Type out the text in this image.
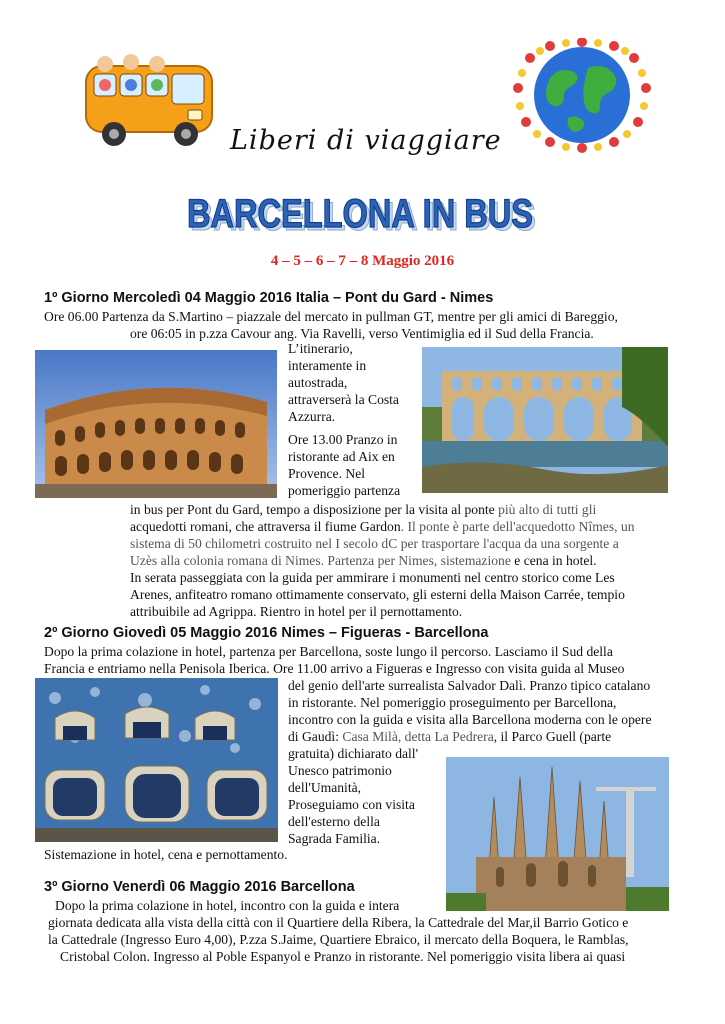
Liberi di viaggiare
BARCELLONA IN BUS
BARCELLONA IN BUS
4 – 5 – 6 – 7 – 8 Maggio 2016
1º Giorno Mercoledì 04 Maggio 2016 Italia – Pont du Gard - Nimes
Ore 06.00 Partenza da S.Martino – piazzale del mercato in pullman GT, mentre per gli amici di Bareggio,
ore 06:05 in p.zza Cavour ang. Via Ravelli, verso Ventimiglia ed il Sud della Francia.
L’itinerario,
interamente in
autostrada,
attraverserà la Costa
Azzurra.
Ore 13.00 Pranzo in
ristorante ad Aix en
Provence. Nel
pomeriggio partenza
in bus per Pont du Gard, tempo a disposizione per la visita al ponte più alto di tutti gli
acquedotti romani, che attraversa il fiume Gardon. Il ponte è parte dell'acquedotto Nîmes, un
sistema di 50 chilometri costruito nel I secolo dC per trasportare l'acqua da una sorgente a
Uzès alla colonia romana di Nimes. Partenza per Nimes, sistemazione e cena in hotel.
In serata passeggiata con la guida per ammirare i monumenti nel centro storico come Les
Arenes, anfiteatro romano ottimamente conservato, gli esterni della Maison Carrée, tempio
attribuibile ad Agrippa. Rientro in hotel per il pernottamento.
2º Giorno Giovedì 05 Maggio 2016 Nimes – Figueras - Barcellona
Dopo la prima colazione in hotel, partenza per Barcellona, soste lungo il percorso. Lasciamo il Sud della
Francia e entriamo nella Penisola Iberica. Ore 11.00 arrivo a Figueras e Ingresso con visita guida al Museo
del genio dell'arte surrealista Salvador Dalì. Pranzo tipico catalano
in ristorante. Nel pomeriggio proseguimento per Barcellona,
incontro con la guida e visita alla Barcellona moderna con le opere
di Gaudì: Casa Milà, detta La Pedrera, il Parco Guell (parte
gratuita) dichiarato dall'
Unesco patrimonio
dell'Umanità,
Proseguiamo con visita
dell'esterno della
Sagrada Familia.
Sistemazione in hotel, cena e pernottamento.
3º Giorno Venerdì 06 Maggio 2016 Barcellona
Dopo la prima colazione in hotel, incontro con la guida e intera
giornata dedicata alla vista della città con il Quartiere della Ribera, la Cattedrale del Mar,il Barrio Gotico e
la Cattedrale (Ingresso Euro 4,00), P.zza S.Jaime, Quartiere Ebraico, il mercato della Boquera, le Ramblas,
Cristobal Colon. Ingresso al Poble Espanyol e Pranzo in ristorante. Nel pomeriggio visita libera ai quasi
